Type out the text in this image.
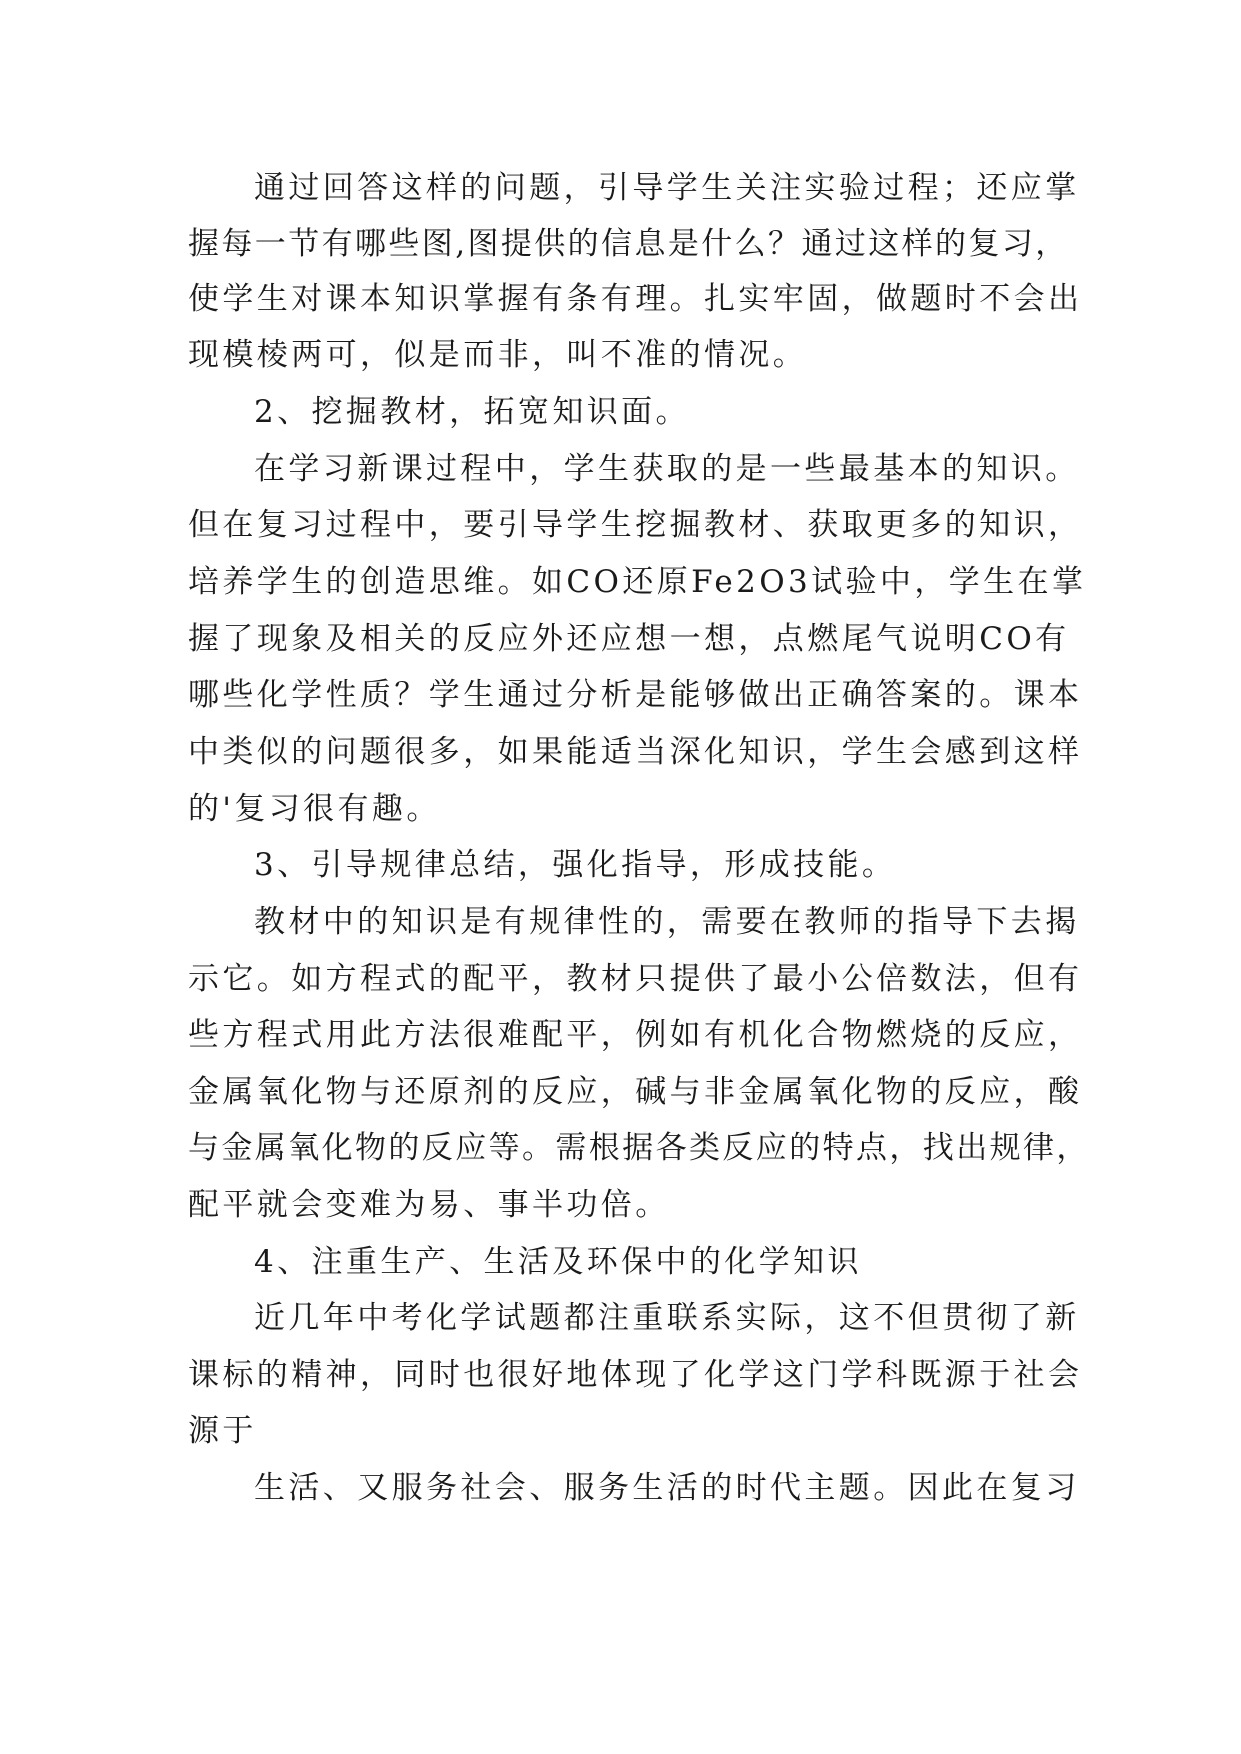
通过回答这样的问题，引导学生关注实验过程；还应掌

握每一节有哪些图,图提供的信息是什么？通过这样的复习，

使学生对课本知识掌握有条有理。扎实牢固，做题时不会出

现模棱两可，似是而非，叫不准的情况。

2、挖掘教材，拓宽知识面。

在学习新课过程中，学生获取的是一些最基本的知识。

但在复习过程中，要引导学生挖掘教材、获取更多的知识，

培养学生的创造思维。如CO还原Fe2O3试验中，学生在掌

握了现象及相关的反应外还应想一想，点燃尾气说明CO有

哪些化学性质？学生通过分析是能够做出正确答案的。课本

中类似的问题很多，如果能适当深化知识，学生会感到这样

的'复习很有趣。

3、引导规律总结，强化指导，形成技能。

教材中的知识是有规律性的，需要在教师的指导下去揭

示它。如方程式的配平，教材只提供了最小公倍数法，但有

些方程式用此方法很难配平，例如有机化合物燃烧的反应，

金属氧化物与还原剂的反应，碱与非金属氧化物的反应，酸

与金属氧化物的反应等。需根据各类反应的特点，找出规律，

配平就会变难为易、事半功倍。

4、注重生产、生活及环保中的化学知识

近几年中考化学试题都注重联系实际，这不但贯彻了新

课标的精神，同时也很好地体现了化学这门学科既源于社会

源于

生活、又服务社会、服务生活的时代主题。因此在复习
